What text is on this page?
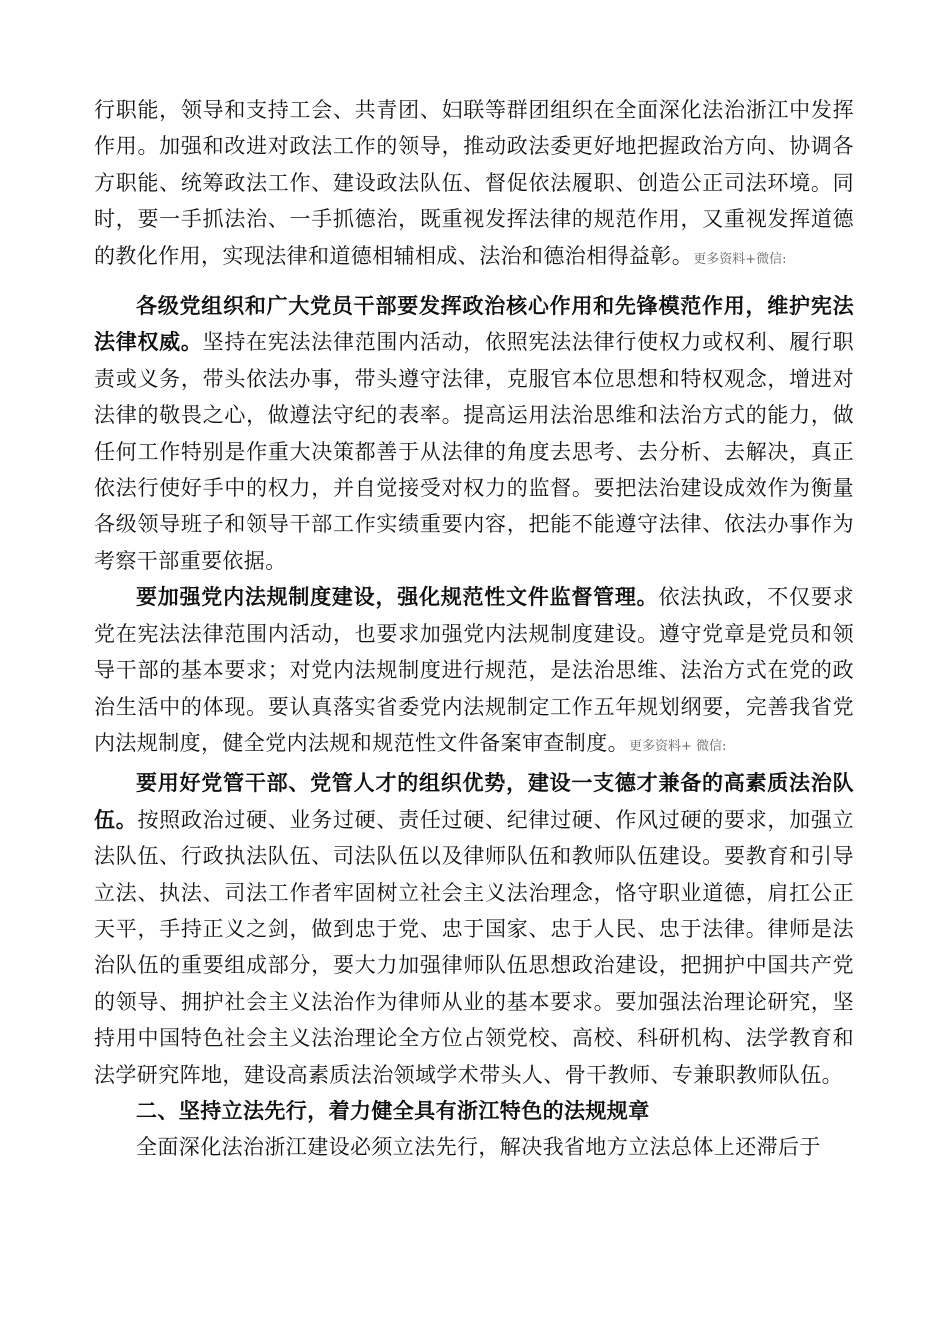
行职能，领导和支持工会、共青团、妇联等群团组织在全面深化法治浙江中发挥作用。加强和改进对政法工作的领导，推动政法委更好地把握政治方向、协调各方职能、统筹政法工作、建设政法队伍、督促依法履职、创造公正司法环境。同时，要一手抓法治、一手抓德治，既重视发挥法律的规范作用，又重视发挥道德的教化作用，实现法律和道德相辅相成、法治和德治相得益彰。更多资料+微信:

各级党组织和广大党员干部要发挥政治核心作用和先锋模范作用，维护宪法法律权威。坚持在宪法法律范围内活动，依照宪法法律行使权力或权利、履行职责或义务，带头依法办事，带头遵守法律，克服官本位思想和特权观念，增进对法律的敬畏之心，做遵法守纪的表率。提高运用法治思维和法治方式的能力，做任何工作特别是作重大决策都善于从法律的角度去思考、去分析、去解决，真正依法行使好手中的权力，并自觉接受对权力的监督。要把法治建设成效作为衡量各级领导班子和领导干部工作实绩重要内容，把能不能遵守法律、依法办事作为考察干部重要依据。

要加强党内法规制度建设，强化规范性文件监督管理。依法执政，不仅要求党在宪法法律范围内活动，也要求加强党内法规制度建设。遵守党章是党员和领导干部的基本要求；对党内法规制度进行规范，是法治思维、法治方式在党的政治生活中的体现。要认真落实省委党内法规制定工作五年规划纲要，完善我省党内法规制度，健全党内法规和规范性文件备案审查制度。更多资料+ 微信:

要用好党管干部、党管人才的组织优势，建设一支德才兼备的高素质法治队伍。按照政治过硬、业务过硬、责任过硬、纪律过硬、作风过硬的要求，加强立法队伍、行政执法队伍、司法队伍以及律师队伍和教师队伍建设。要教育和引导立法、执法、司法工作者牢固树立社会主义法治理念，恪守职业道德，肩扛公正天平，手持正义之剑，做到忠于党、忠于国家、忠于人民、忠于法律。律师是法治队伍的重要组成部分，要大力加强律师队伍思想政治建设，把拥护中国共产党的领导、拥护社会主义法治作为律师从业的基本要求。要加强法治理论研究，坚持用中国特色社会主义法治理论全方位占领党校、高校、科研机构、法学教育和法学研究阵地，建设高素质法治领域学术带头人、骨干教师、专兼职教师队伍。

二、坚持立法先行，着力健全具有浙江特色的法规规章

全面深化法治浙江建设必须立法先行，解决我省地方立法总体上还滞后于
